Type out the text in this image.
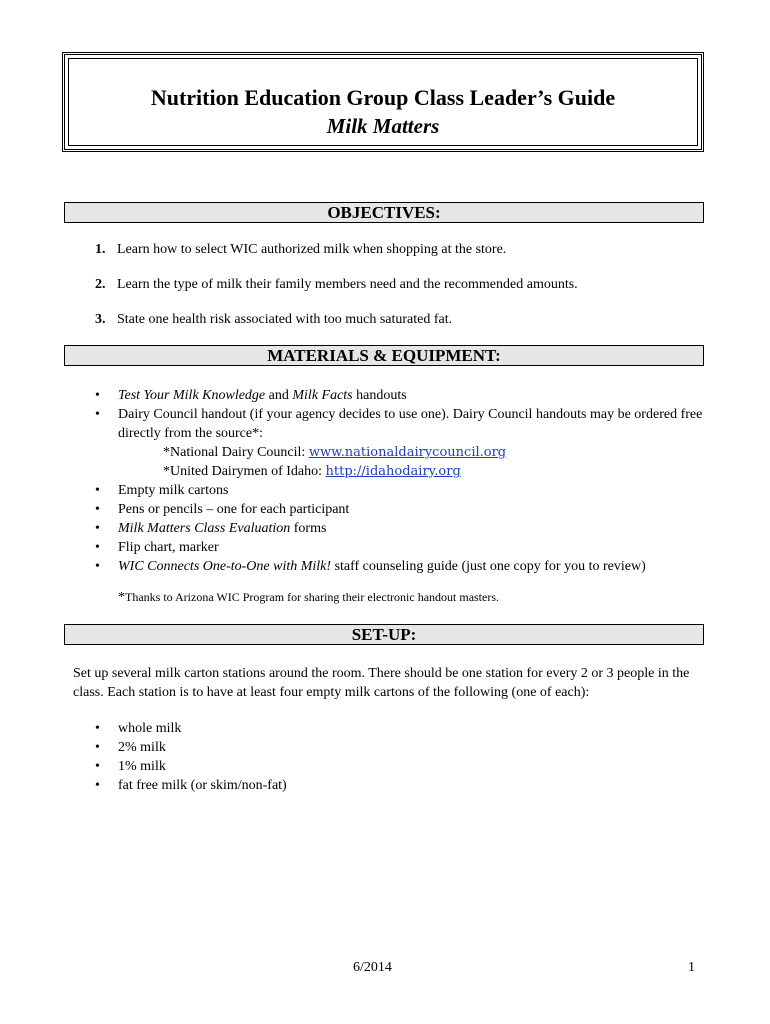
Nutrition Education Group Class Leader’s Guide
Milk Matters
OBJECTIVES:
1. Learn how to select WIC authorized milk when shopping at the store.
2. Learn the type of milk their family members need and the recommended amounts.
3. State one health risk associated with too much saturated fat.
MATERIALS & EQUIPMENT:
• Test Your Milk Knowledge and Milk Facts handouts
• Dairy Council handout (if your agency decides to use one). Dairy Council handouts may be ordered free directly from the source*:
*National Dairy Council: www.nationaldairycouncil.org
*United Dairymen of Idaho: http://idahodairy.org
• Empty milk cartons
• Pens or pencils – one for each participant
• Milk Matters Class Evaluation forms
• Flip chart, marker
• WIC Connects One-to-One with Milk! staff counseling guide (just one copy for you to review)
*Thanks to Arizona WIC Program for sharing their electronic handout masters.
SET-UP:
Set up several milk carton stations around the room. There should be one station for every 2 or 3 people in the class. Each station is to have at least four empty milk cartons of the following (one of each):
• whole milk
• 2% milk
• 1% milk
• fat free milk (or skim/non-fat)
6/2014	1
